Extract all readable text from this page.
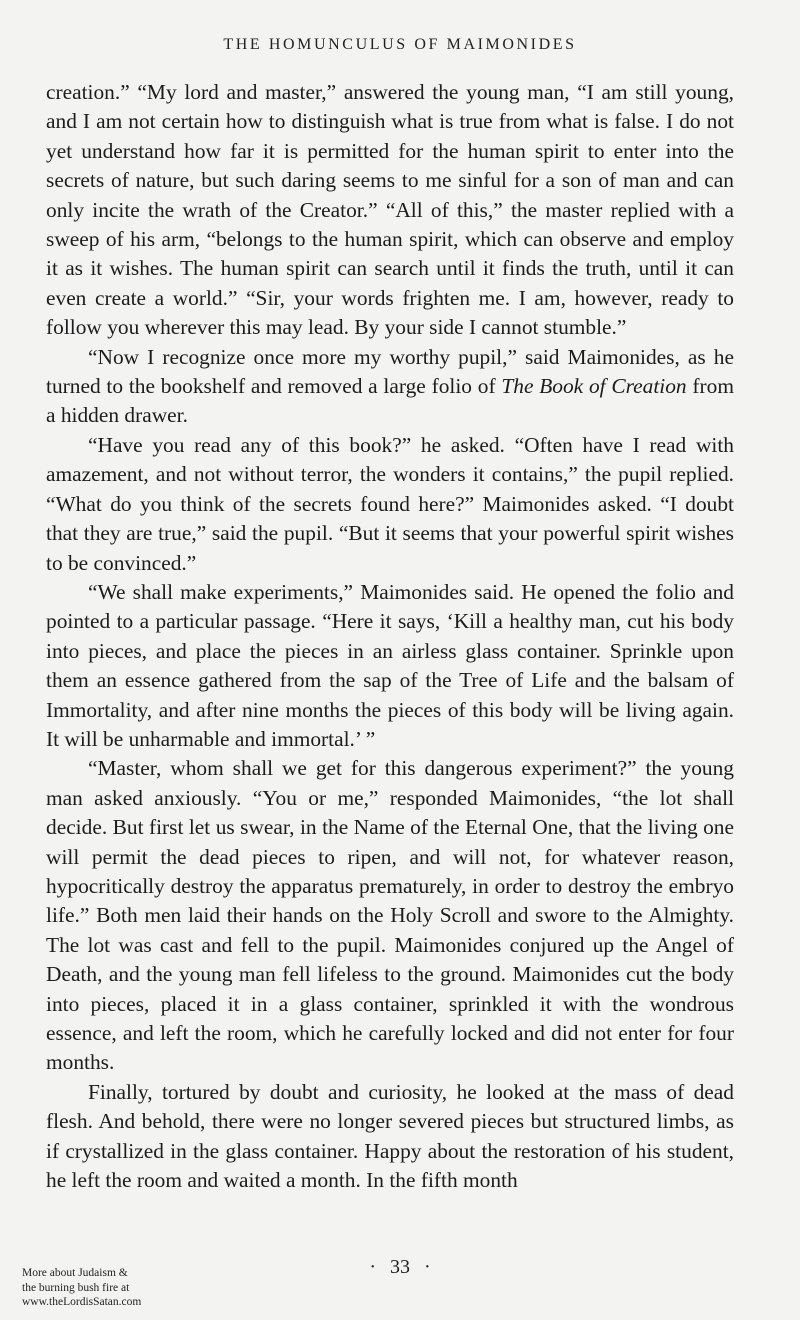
THE HOMUNCULUS OF MAIMONIDES

creation.” “My lord and master,” answered the young man, “I am still young, and I am not certain how to distinguish what is true from what is false. I do not yet understand how far it is permitted for the human spirit to enter into the secrets of nature, but such daring seems to me sinful for a son of man and can only incite the wrath of the Creator.” “All of this,” the master replied with a sweep of his arm, “belongs to the human spirit, which can observe and employ it as it wishes. The human spirit can search until it finds the truth, until it can even create a world.” “Sir, your words frighten me. I am, however, ready to follow you wherever this may lead. By your side I cannot stumble.”

“Now I recognize once more my worthy pupil,” said Maimonides, as he turned to the bookshelf and removed a large folio of The Book of Creation from a hidden drawer.

“Have you read any of this book?” he asked. “Often have I read with amazement, and not without terror, the wonders it contains,” the pupil replied. “What do you think of the secrets found here?” Maimonides asked. “I doubt that they are true,” said the pupil. “But it seems that your powerful spirit wishes to be convinced.”

“We shall make experiments,” Maimonides said. He opened the folio and pointed to a particular passage. “Here it says, ‘Kill a healthy man, cut his body into pieces, and place the pieces in an airless glass container. Sprinkle upon them an essence gathered from the sap of the Tree of Life and the balsam of Immortality, and after nine months the pieces of this body will be living again. It will be unharmable and immortal.’ ”

“Master, whom shall we get for this dangerous experiment?” the young man asked anxiously. “You or me,” responded Maimonides, “the lot shall decide. But first let us swear, in the Name of the Eternal One, that the living one will permit the dead pieces to ripen, and will not, for whatever reason, hypocritically destroy the apparatus prematurely, in order to destroy the embryo life.” Both men laid their hands on the Holy Scroll and swore to the Almighty. The lot was cast and fell to the pupil. Maimonides conjured up the Angel of Death, and the young man fell lifeless to the ground. Maimonides cut the body into pieces, placed it in a glass container, sprinkled it with the wondrous essence, and left the room, which he carefully locked and did not enter for four months.

Finally, tortured by doubt and curiosity, he looked at the mass of dead flesh. And behold, there were no longer severed pieces but structured limbs, as if crystallized in the glass container. Happy about the restoration of his student, he left the room and waited a month. In the fifth month

· 33 ·
More about Judaism &
the burning bush fire at
www.theLordisSatan.com
